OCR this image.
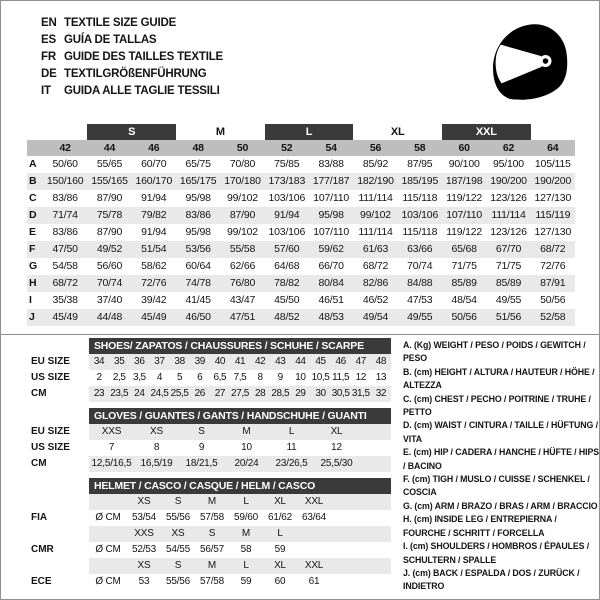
EN TEXTILE SIZE GUIDE
ES GUÍA DE TALLAS
FR GUIDE DES TAILLES TEXTILE
DE TEXTILGRÖßENFÜHRUNG
IT	GUIDA ALLE TAGLIE TESSILI
S	M	L	XL	XXL
42	44	46	48	50	52	54	56	58	60	62	64
A	50/60	55/65	60/70	65/75	70/80	75/85	83/88	85/92	87/95	90/100	95/100	105/115
B 150/160 155/165 160/170 165/175 170/180 173/183 177/187 182/190 185/195 187/198 190/200 190/200
C	83/86	87/90	91/94	95/98	99/102	103/106 107/110 111/114 115/118 119/122 123/126 127/130
D	71/74	75/78	79/82	83/86	87/90	91/94	95/98	99/102	103/106 107/110 111/114 115/119
E	83/86	87/90	91/94	95/98	99/102	103/106 107/110 111/114 115/118 119/122 123/126 127/130
F	47/50	49/52	51/54	53/56	55/58	57/60	59/62	61/63	63/66	65/68	67/70	68/72
G	54/58	56/60	58/62	60/64	62/66	64/68	66/70	68/72	70/74	71/75	71/75	72/76
H	68/72	70/74	72/76	74/78	76/80	78/82	80/84	82/86	84/88	85/89	85/89	87/91
I	35/38	37/40	39/42	41/45	43/47	45/50	46/51	46/52	47/53	48/54	49/55	50/56
J	45/49	44/48	45/49	46/50	47/51	48/52	48/53	49/54	49/55	50/56	51/56	52/58
SHOES/ ZAPATOS / CHAUSSURES / SCHUHE / SCARPE
EU SIZE	34 35 36 37 38 39 40 41 42 43 44 45 46 47 48
US SIZE	2	2,5 3,5	4	5	6	6,5 7,5	8	9	10 10,5 11,5 12 13
CM	23 23,5 24 24,5 25,5 26 27 27,5 28 28,5 29 30 30,5 31,5 32
GLOVES / GUANTES / GANTS / HANDSCHUHE / GUANTI
EU SIZE	XXS	XS	S	M	L	XL
US SIZE	7	8	9	10	11	12
CM	12,5/16,5 16,5/19	18/21,5	20/24	23/26,5	25,5/30
HELMET / CASCO / CASQUE / HELM / CASCO
XS	S	M	L	XL	XXL
FIA	Ø CM	53/54 55/56 57/58 59/60 61/62 63/64
XXS	XS	S	M	L
CMR	Ø CM	52/53 54/55 56/57	58	59
XS	S	M	L	XL	XXL
ECE	Ø CM	53	55/56 57/58	59	60	61
A. (Kg) WEIGHT / PESO / POIDS / GEWITCH / PESO
B. (cm) HEIGHT / ALTURA / HAUTEUR / HÖHE / ALTEZZA
C. (cm) CHEST / PECHO / POITRINE / TRUHE / PETTO
D. (cm) WAIST / CINTURA / TAILLE / HÜFTUNG / VITA
E. (cm) HIP / CADERA / HANCHE / HÜFTE / HIPS / BACINO
F. (cm) TIGH / MUSLO / CUISSE / SCHENKEL / COSCIA
G. (cm) ARM / BRAZO / BRAS / ARM / BRACCIO
H. (cm) INSIDE LEG / ENTREPIERNA / FOURCHE / SCHRITT / FORCELLA
I. (cm) SHOULDERS / HOMBROS / ÉPAULES / SCHULTERN / SPALLE
J. (cm) BACK / ESPALDA / DOS / ZURÜCK / INDIETRO
